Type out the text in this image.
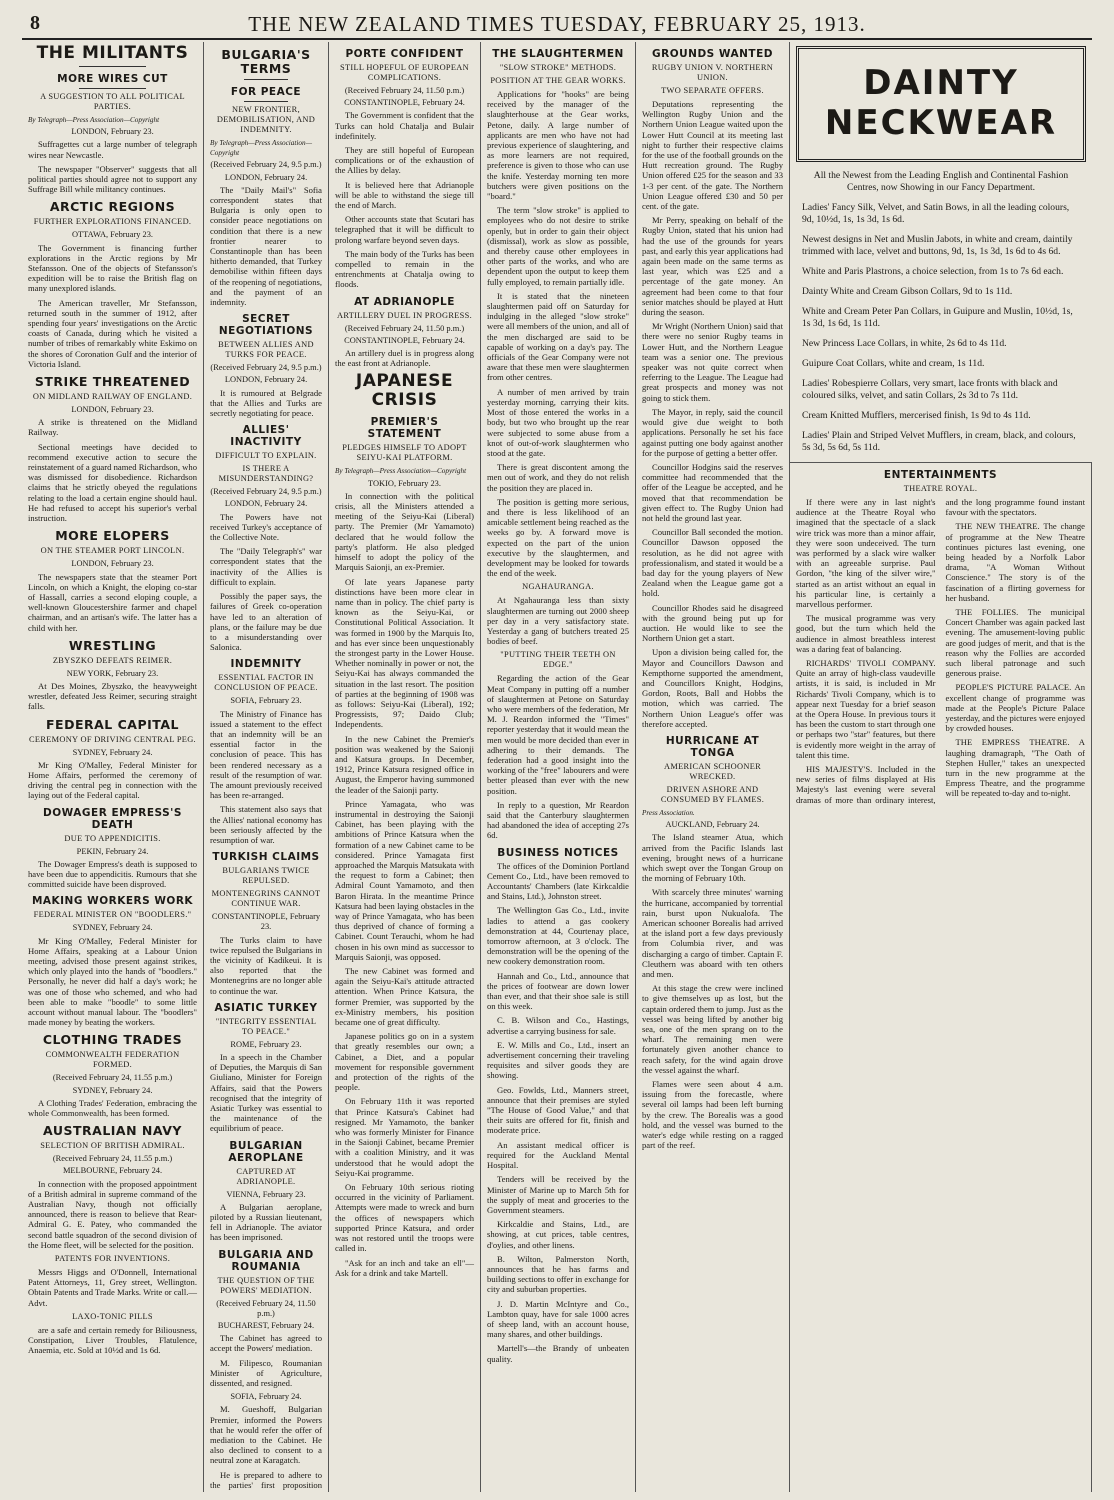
8	THE NEW ZEALAND TIMES TUESDAY, FEBRUARY 25, 1913.
THE MILITANTS
MORE WIRES CUT
A SUGGESTION TO ALL POLITICAL PARTIES.
By Telegraph—Press Association—Copyright
LONDON, February 23.

Suffragettes cut a large number of telegraph wires near Newcastle.

The newspaper "Observer" suggests that all political parties should agree not to support any Suffrage Bill while militancy continues.

ARCTIC REGIONS
FURTHER EXPLORATIONS FINANCED.
OTTAWA, February 23.

The Government is financing further explorations in the Arctic regions by Mr Stefansson. One of the objects of Stefansson's expedition will be to raise the British flag on many unexplored islands.

The American traveller, Mr Stefansson, returned south in the summer of 1912, after spending four years' investigations on the Arctic coasts of Canada, during which he visited a number of tribes of remarkably white Eskimo on the shores of Coronation Gulf and the interior of Victoria Island.

STRIKE THREATENED
ON MIDLAND RAILWAY OF ENGLAND.
LONDON, February 23.

A strike is threatened on the Midland Railway.

Sectional meetings have decided to recommend executive action to secure the reinstatement of a guard named Richardson, who was dismissed for disobedience. Richardson claims that he strictly obeyed the regulations relating to the load a certain engine should haul. He had refused to accept his superior's verbal instruction.

MORE ELOPERS
ON THE STEAMER PORT LINCOLN.
LONDON, February 23.

The newspapers state that the steamer Port Lincoln, on which a Knight, the eloping co-star of Hassall, carries a second eloping couple, a well-known Gloucestershire farmer and chapel chairman, and an artisan's wife. The latter has a child with her.

WRESTLING
ZBYSZKO DEFEATS REIMER.
NEW YORK, February 23.

At Des Moines, Zbyszko, the heavyweight wrestler, defeated Jess Reimer, securing straight falls.

FEDERAL CAPITAL
CEREMONY OF DRIVING CENTRAL PEG.
SYDNEY, February 24.

Mr King O'Malley, Federal Minister for Home Affairs, performed the ceremony of driving the central peg in connection with the laying out of the Federal capital.

DOWAGER EMPRESS'S DEATH
DUE TO APPENDICITIS.
PEKIN, February 24.

The Dowager Empress's death is supposed to have been due to appendicitis. Rumours that she committed suicide have been disproved.

MAKING WORKERS WORK
FEDERAL MINISTER ON "BOODLERS."
SYDNEY, February 24.

Mr King O'Malley, Federal Minister for Home Affairs, speaking at a Labour Union meeting, advised those present against strikes, which only played into the hands of "boodlers." Personally, he never did half a day's work; he was one of those who schemed, and who had been able to make "boodle" to some little account without manual labour. The "boodlers" made money by beating the workers.

CLOTHING TRADES
COMMONWEALTH FEDERATION FORMED.
(Received February 24, 11.55 p.m.)
SYDNEY, February 24.

A Clothing Trades' Federation, embracing the whole Commonwealth, has been formed.

AUSTRALIAN NAVY
SELECTION OF BRITISH ADMIRAL.
(Received February 24, 11.55 p.m.)
MELBOURNE, February 24.

In connection with the proposed appointment of a British admiral in supreme command of the Australian Navy, though not officially announced, there is reason to believe that Rear-Admiral G. E. Patey, who commanded the second battle squadron of the second division of the Home fleet, will be selected for the position.

PATENTS FOR INVENTIONS.

Messrs Higgs and O'Donnell, International Patent Attorneys, 11, Grey street, Wellington. Obtain Patents and Trade Marks. Write or call.—Advt.

LAXO-TONIC PILLS

are a safe and certain remedy for Biliousness, Constipation, Liver Troubles, Flatulence, Anaemia, etc. Sold at 10½d and 1s 6d.

BULGARIA'S TERMS
FOR PEACE
NEW FRONTIER, DEMOBILISATION, AND INDEMNITY.
By Telegraph—Press Association—Copyright
(Received February 24, 9.5 p.m.)
LONDON, February 24.

The "Daily Mail's" Sofia correspondent states that Bulgaria is only open to consider peace negotiations on condition that there is a new frontier nearer to Constantinople than has been hitherto demanded, that Turkey demobilise within fifteen days of the reopening of negotiations, and the payment of an indemnity.

SECRET NEGOTIATIONS
BETWEEN ALLIES AND TURKS FOR PEACE.
(Received February 24, 9.5 p.m.)
LONDON, February 24.

It is rumoured at Belgrade that the Allies and Turks are secretly negotiating for peace.

ALLIES' INACTIVITY
DIFFICULT TO EXPLAIN.
IS THERE A MISUNDERSTANDING?
(Received February 24, 9.5 p.m.)
LONDON, February 24.

The Powers have not received Turkey's acceptance of the Collective Note.

The "Daily Telegraph's" war correspondent states that the inactivity of the Allies is difficult to explain.

Possibly the paper says, the failures of Greek co-operation have led to an alteration of plans, or the failure may be due to a misunderstanding over Salonica.

INDEMNITY
ESSENTIAL FACTOR IN CONCLUSION OF PEACE.
SOFIA, February 23.

The Ministry of Finance has issued a statement to the effect that an indemnity will be an essential factor in the conclusion of peace. This has been rendered necessary as a result of the resumption of war. The amount previously received has been re-arranged.

This statement also says that the Allies' national economy has been seriously affected by the resumption of war.

TURKISH CLAIMS
BULGARIANS TWICE REPULSED.
MONTENEGRINS CANNOT CONTINUE WAR.
CONSTANTINOPLE, February 23.

The Turks claim to have twice repulsed the Bulgarians in the vicinity of Kadikeui. It is also reported that the Montenegrins are no longer able to continue the war.

ASIATIC TURKEY
"INTEGRITY ESSENTIAL TO PEACE."
ROME, February 23.

In a speech in the Chamber of Deputies, the Marquis di San Giuliano, Minister for Foreign Affairs, said that the Powers recognised that the integrity of Asiatic Turkey was essential to the maintenance of the equilibrium of peace.

BULGARIAN AEROPLANE
CAPTURED AT ADRIANOPLE.
VIENNA, February 23.

A Bulgarian aeroplane, piloted by a Russian lieutenant, fell in Adrianople. The aviator has been imprisoned.

BULGARIA AND ROUMANIA
THE QUESTION OF THE POWERS' MEDIATION.
(Received February 24, 11.50 p.m.)
BUCHAREST, February 24.

The Cabinet has agreed to accept the Powers' mediation.

M. Filipesco, Roumanian Minister of Agriculture, dissented, and resigned.

SOFIA, February 24.

M. Gueshoff, Bulgarian Premier, informed the Powers that he would refer the offer of mediation to the Cabinet. He also declined to consent to a neutral zone at Karagatch.

He is prepared to adhere to the parties' first proposition

PORTE CONFIDENT
STILL HOPEFUL OF EUROPEAN COMPLICATIONS.
(Received February 24, 11.50 p.m.)
CONSTANTINOPLE, February 24.

The Government is confident that the Turks can hold Chatalja and Bulair indefinitely.

They are still hopeful of European complications or of the exhaustion of the Allies by delay.

It is believed here that Adrianople will be able to withstand the siege till the end of March.

Other accounts state that Scutari has telegraphed that it will be difficult to prolong warfare beyond seven days.

The main body of the Turks has been compelled to remain in the entrenchments at Chatalja owing to floods.

AT ADRIANOPLE
ARTILLERY DUEL IN PROGRESS.
(Received February 24, 11.50 p.m.)
CONSTANTINOPLE, February 24.

An artillery duel is in progress along the east front at Adrianople.

JAPANESE CRISIS
PREMIER'S STATEMENT
PLEDGES HIMSELF TO ADOPT SEIYU-KAI PLATFORM.
By Telegraph—Press Association—Copyright
TOKIO, February 23.

In connection with the political crisis, all the Ministers attended a meeting of the Seiyu-Kai (Liberal) party. The Premier (Mr Yamamoto) declared that he would follow the party's platform. He also pledged himself to adopt the policy of the Marquis Saionji, an ex-Premier.

Of late years Japanese party distinctions have been more clear in name than in policy. The chief party is known as the Seiyu-Kai, or Constitutional Political Association. It was formed in 1900 by the Marquis Ito, and has ever since been unquestionably the strongest party in the Lower House. Whether nominally in power or not, the Seiyu-Kai has always commanded the situation in the last resort. The position of parties at the beginning of 1908 was as follows: Seiyu-Kai (Liberal), 192; Progressists, 97; Daido Club; Independents.

In the new Cabinet the Premier's position was weakened by the Saionji and Katsura groups. In December, 1912, Prince Katsura resigned office in August, the Emperor having summoned the leader of the Saionji party.

Prince Yamagata, who was instrumental in destroying the Saionji Cabinet, has been playing with the ambitions of Prince Katsura when the formation of a new Cabinet came to be considered. Prince Yamagata first approached the Marquis Matsukata with the request to form a Cabinet; then Admiral Count Yamamoto, and then Baron Hirata. In the meantime Prince Katsura had been laying obstacles in the way of Prince Yamagata, who has been thus deprived of chance of forming a Cabinet. Count Terauchi, whom he had chosen in his own mind as successor to Marquis Saionji, was opposed.

The new Cabinet was formed and again the Seiyu-Kai's attitude attracted attention. When Prince Katsura, the former Premier, was supported by the ex-Ministry members, his position became one of great difficulty.

Japanese politics go on in a system that greatly resembles our own; a Cabinet, a Diet, and a popular movement for responsible government and protection of the rights of the people.

On February 11th it was reported that Prince Katsura's Cabinet had resigned. Mr Yamamoto, the banker who was formerly Minister for Finance in the Saionji Cabinet, became Premier with a coalition Ministry, and it was understood that he would adopt the Seiyu-Kai programme.

On February 10th serious rioting occurred in the vicinity of Parliament. Attempts were made to wreck and burn the offices of newspapers which supported Prince Katsura, and order was not restored until the troops were called in.

"Ask for an inch and take an ell"—Ask for a drink and take Martell.

THE SLAUGHTERMEN
"SLOW STROKE" METHODS.
POSITION AT THE GEAR WORKS.

Applications for "hooks" are being received by the manager of the slaughterhouse at the Gear works, Petone, daily. A large number of applicants are men who have not had previous experience of slaughtering, and as more learners are not required, preference is given to those who can use the knife. Yesterday morning ten more butchers were given positions on the "board."

The term "slow stroke" is applied to employees who do not desire to strike openly, but in order to gain their object (dismissal), work as slow as possible, and thereby cause other employees in other parts of the works, and who are dependent upon the output to keep them fully employed, to remain partially idle.

It is stated that the nineteen slaughtermen paid off on Saturday for indulging in the alleged "slow stroke" were all members of the union, and all of the men discharged are said to be capable of working on a day's pay. The officials of the Gear Company were not aware that these men were slaughtermen from other centres.

A number of men arrived by train yesterday morning, carrying their kits. Most of those entered the works in a body, but two who brought up the rear were subjected to some abuse from a knot of out-of-work slaughtermen who stood at the gate.

There is great discontent among the men out of work, and they do not relish the position they are placed in.

The position is getting more serious, and there is less likelihood of an amicable settlement being reached as the weeks go by. A forward move is expected on the part of the union executive by the slaughtermen, and development may be looked for towards the end of the week.

NGAHAURANGA.

At Ngahauranga less than sixty slaughtermen are turning out 2000 sheep per day in a very satisfactory state. Yesterday a gang of butchers treated 25 bodies of beef.

"PUTTING THEIR TEETH ON EDGE."

Regarding the action of the Gear Meat Company in putting off a number of slaughtermen at Petone on Saturday who were members of the federation, Mr M. J. Reardon informed the "Times" reporter yesterday that it would mean the men would be more decided than ever in adhering to their demands. The federation had a good insight into the working of the "free" labourers and were better pleased than ever with the new position.

In reply to a question, Mr Reardon said that the Canterbury slaughtermen had abandoned the idea of accepting 27s 6d.

BUSINESS NOTICES

The offices of the Dominion Portland Cement Co., Ltd., have been removed to Accountants' Chambers (late Kirkcaldie and Stains, Ltd.), Johnston street.

The Wellington Gas Co., Ltd., invite ladies to attend a gas cookery demonstration at 44, Courtenay place, tomorrow afternoon, at 3 o'clock. The demonstration will be the opening of the new cookery demonstration room.

Hannah and Co., Ltd., announce that the prices of footwear are down lower than ever, and that their shoe sale is still on this week.

C. B. Wilson and Co., Hastings, advertise a carrying business for sale.

E. W. Mills and Co., Ltd., insert an advertisement concerning their traveling requisites and silver goods they are showing.

Geo. Fowlds, Ltd., Manners street, announce that their premises are styled "The House of Good Value," and that their suits are offered for fit, finish and moderate price.

An assistant medical officer is required for the Auckland Mental Hospital.

Tenders will be received by the Minister of Marine up to March 5th for the supply of meat and groceries to the Government steamers.

Kirkcaldie and Stains, Ltd., are showing, at cut prices, table centres, d'oylies, and other linens.

B. Wilton, Palmerston North, announces that he has farms and building sections to offer in exchange for city and suburban properties.

J. D. Martin McIntyre and Co., Lambton quay, have for sale 1000 acres of sheep land, with an account house, many shares, and other buildings.

Martell's—the Brandy of unbeaten quality.

GROUNDS WANTED
RUGBY UNION V. NORTHERN UNION.
TWO SEPARATE OFFERS.

Deputations representing the Wellington Rugby Union and the Northern Union League waited upon the Lower Hutt Council at its meeting last night to further their respective claims for the use of the football grounds on the Hutt recreation ground. The Rugby Union offered £25 for the season and 33 1-3 per cent. of the gate. The Northern Union League offered £30 and 50 per cent. of the gate.

Mr Perry, speaking on behalf of the Rugby Union, stated that his union had had the use of the grounds for years past, and early this year applications had again been made on the same terms as last year, which was £25 and a percentage of the gate money. An agreement had been come to that four senior matches should be played at Hutt during the season.

Mr Wright (Northern Union) said that there were no senior Rugby teams in Lower Hutt, and the Northern League team was a senior one. The previous speaker was not quite correct when referring to the League. The League had great prospects and money was not going to stick them.

The Mayor, in reply, said the council would give due weight to both applications. Personally he set his face against putting one body against another for the purpose of getting a better offer.

Councillor Hodgins said the reserves committee had recommended that the offer of the League be accepted, and he moved that that recommendation be given effect to. The Rugby Union had not held the ground last year.

Councillor Ball seconded the motion. Councillor Dawson opposed the resolution, as he did not agree with professionalism, and stated it would be a bad day for the young players of New Zealand when the League game got a hold.

Councillor Rhodes said he disagreed with the ground being put up for auction. He would like to see the Northern Union get a start.

Upon a division being called for, the Mayor and Councillors Dawson and Kempthorne supported the amendment, and Councillors Knight, Hodgins, Gordon, Roots, Ball and Hobbs the motion, which was carried. The Northern Union League's offer was therefore accepted.

HURRICANE AT TONGA
AMERICAN SCHOONER WRECKED.
DRIVEN ASHORE AND CONSUMED BY FLAMES.
Press Association.
AUCKLAND, February 24.

The Island steamer Atua, which arrived from the Pacific Islands last evening, brought news of a hurricane which swept over the Tongan Group on the morning of February 10th.

With scarcely three minutes' warning the hurricane, accompanied by torrential rain, burst upon Nukualofa. The American schooner Borealis had arrived at the island port a few days previously from Columbia river, and was discharging a cargo of timber. Captain F. Cleuthern was aboard with ten others and men.

At this stage the crew were inclined to give themselves up as lost, but the captain ordered them to jump. Just as the vessel was being lifted by another big sea, one of the men sprang on to the wharf. The remaining men were fortunately given another chance to reach safety, for the wind again drove the vessel against the wharf.

Flames were seen about 4 a.m. issuing from the forecastle, where several oil lamps had been left burning by the crew. The Borealis was a good hold, and the vessel was burned to the water's edge while resting on a ragged part of the reef.

DAINTY NECKWEAR
All the Newest from the Leading English and Continental Fashion Centres, now Showing in our Fancy Department.
Ladies' Fancy Silk, Velvet, and Satin Bows, in all the leading colours, 9d, 10½d, 1s, 1s 3d, 1s 6d.
Newest designs in Net and Muslin Jabots, in white and cream, daintily trimmed with lace, velvet and buttons, 9d, 1s, 1s 3d, 1s 6d to 4s 6d.
White and Paris Plastrons, a choice selection, from 1s to 7s 6d each.
Dainty White and Cream Gibson Collars, 9d to 1s 11d.
White and Cream Peter Pan Collars, in Guipure and Muslin, 10½d, 1s, 1s 3d, 1s 6d, 1s 11d.
New Princess Lace Collars, in white, 2s 6d to 4s 11d.
Guipure Coat Collars, white and cream, 1s 11d.
Ladies' Robespierre Collars, very smart, lace fronts with black and coloured silks, velvet, and satin Collars, 2s 3d to 7s 11d.
Cream Knitted Mufflers, mercerised finish, 1s 9d to 4s 11d.
Ladies' Plain and Striped Velvet Mufflers, in cream, black, and colours, 5s 3d, 5s 6d, 5s 11d.
ENTERTAINMENTS
THEATRE ROYAL.

If there were any in last night's audience at the Theatre Royal who imagined that the spectacle of a slack wire trick was more than a minor affair, they were soon undeceived. The turn was performed by a slack wire walker with an agreeable surprise. Paul Gordon, "the king of the silver wire," started as an artist without an equal in his particular line, is certainly a marvellous performer.

The musical programme was very good, but the turn which held the audience in almost breathless interest was a daring feat of balancing.

RICHARDS' TIVOLI COMPANY. Quite an array of high-class vaudeville artists, it is said, is included in Mr Richards' Tivoli Company, which is to appear next Tuesday for a brief season at the Opera House. In previous tours it has been the custom to start through one or perhaps two "star" features, but there is evidently more weight in the array of talent this time.

HIS MAJESTY'S. Included in the new series of films displayed at His Majesty's last evening were several dramas of more than ordinary interest, and the long programme found instant favour with the spectators.

THE NEW THEATRE. The change of programme at the New Theatre continues pictures last evening, one being headed by a Norfolk Labor drama, "A Woman Without Conscience." The story is of the fascination of a flirting governess for her husband.

THE FOLLIES. The municipal Concert Chamber was again packed last evening. The amusement-loving public are good judges of merit, and that is the reason why the Follies are accorded such liberal patronage and such generous praise.

PEOPLE'S PICTURE PALACE. An excellent change of programme was made at the People's Picture Palace yesterday, and the pictures were enjoyed by crowded houses.

THE EMPRESS THEATRE. A laughing dramagraph, "The Oath of Stephen Huller," takes an unexpected turn in the new programme at the Empress Theatre, and the programme will be repeated to-day and to-night.
